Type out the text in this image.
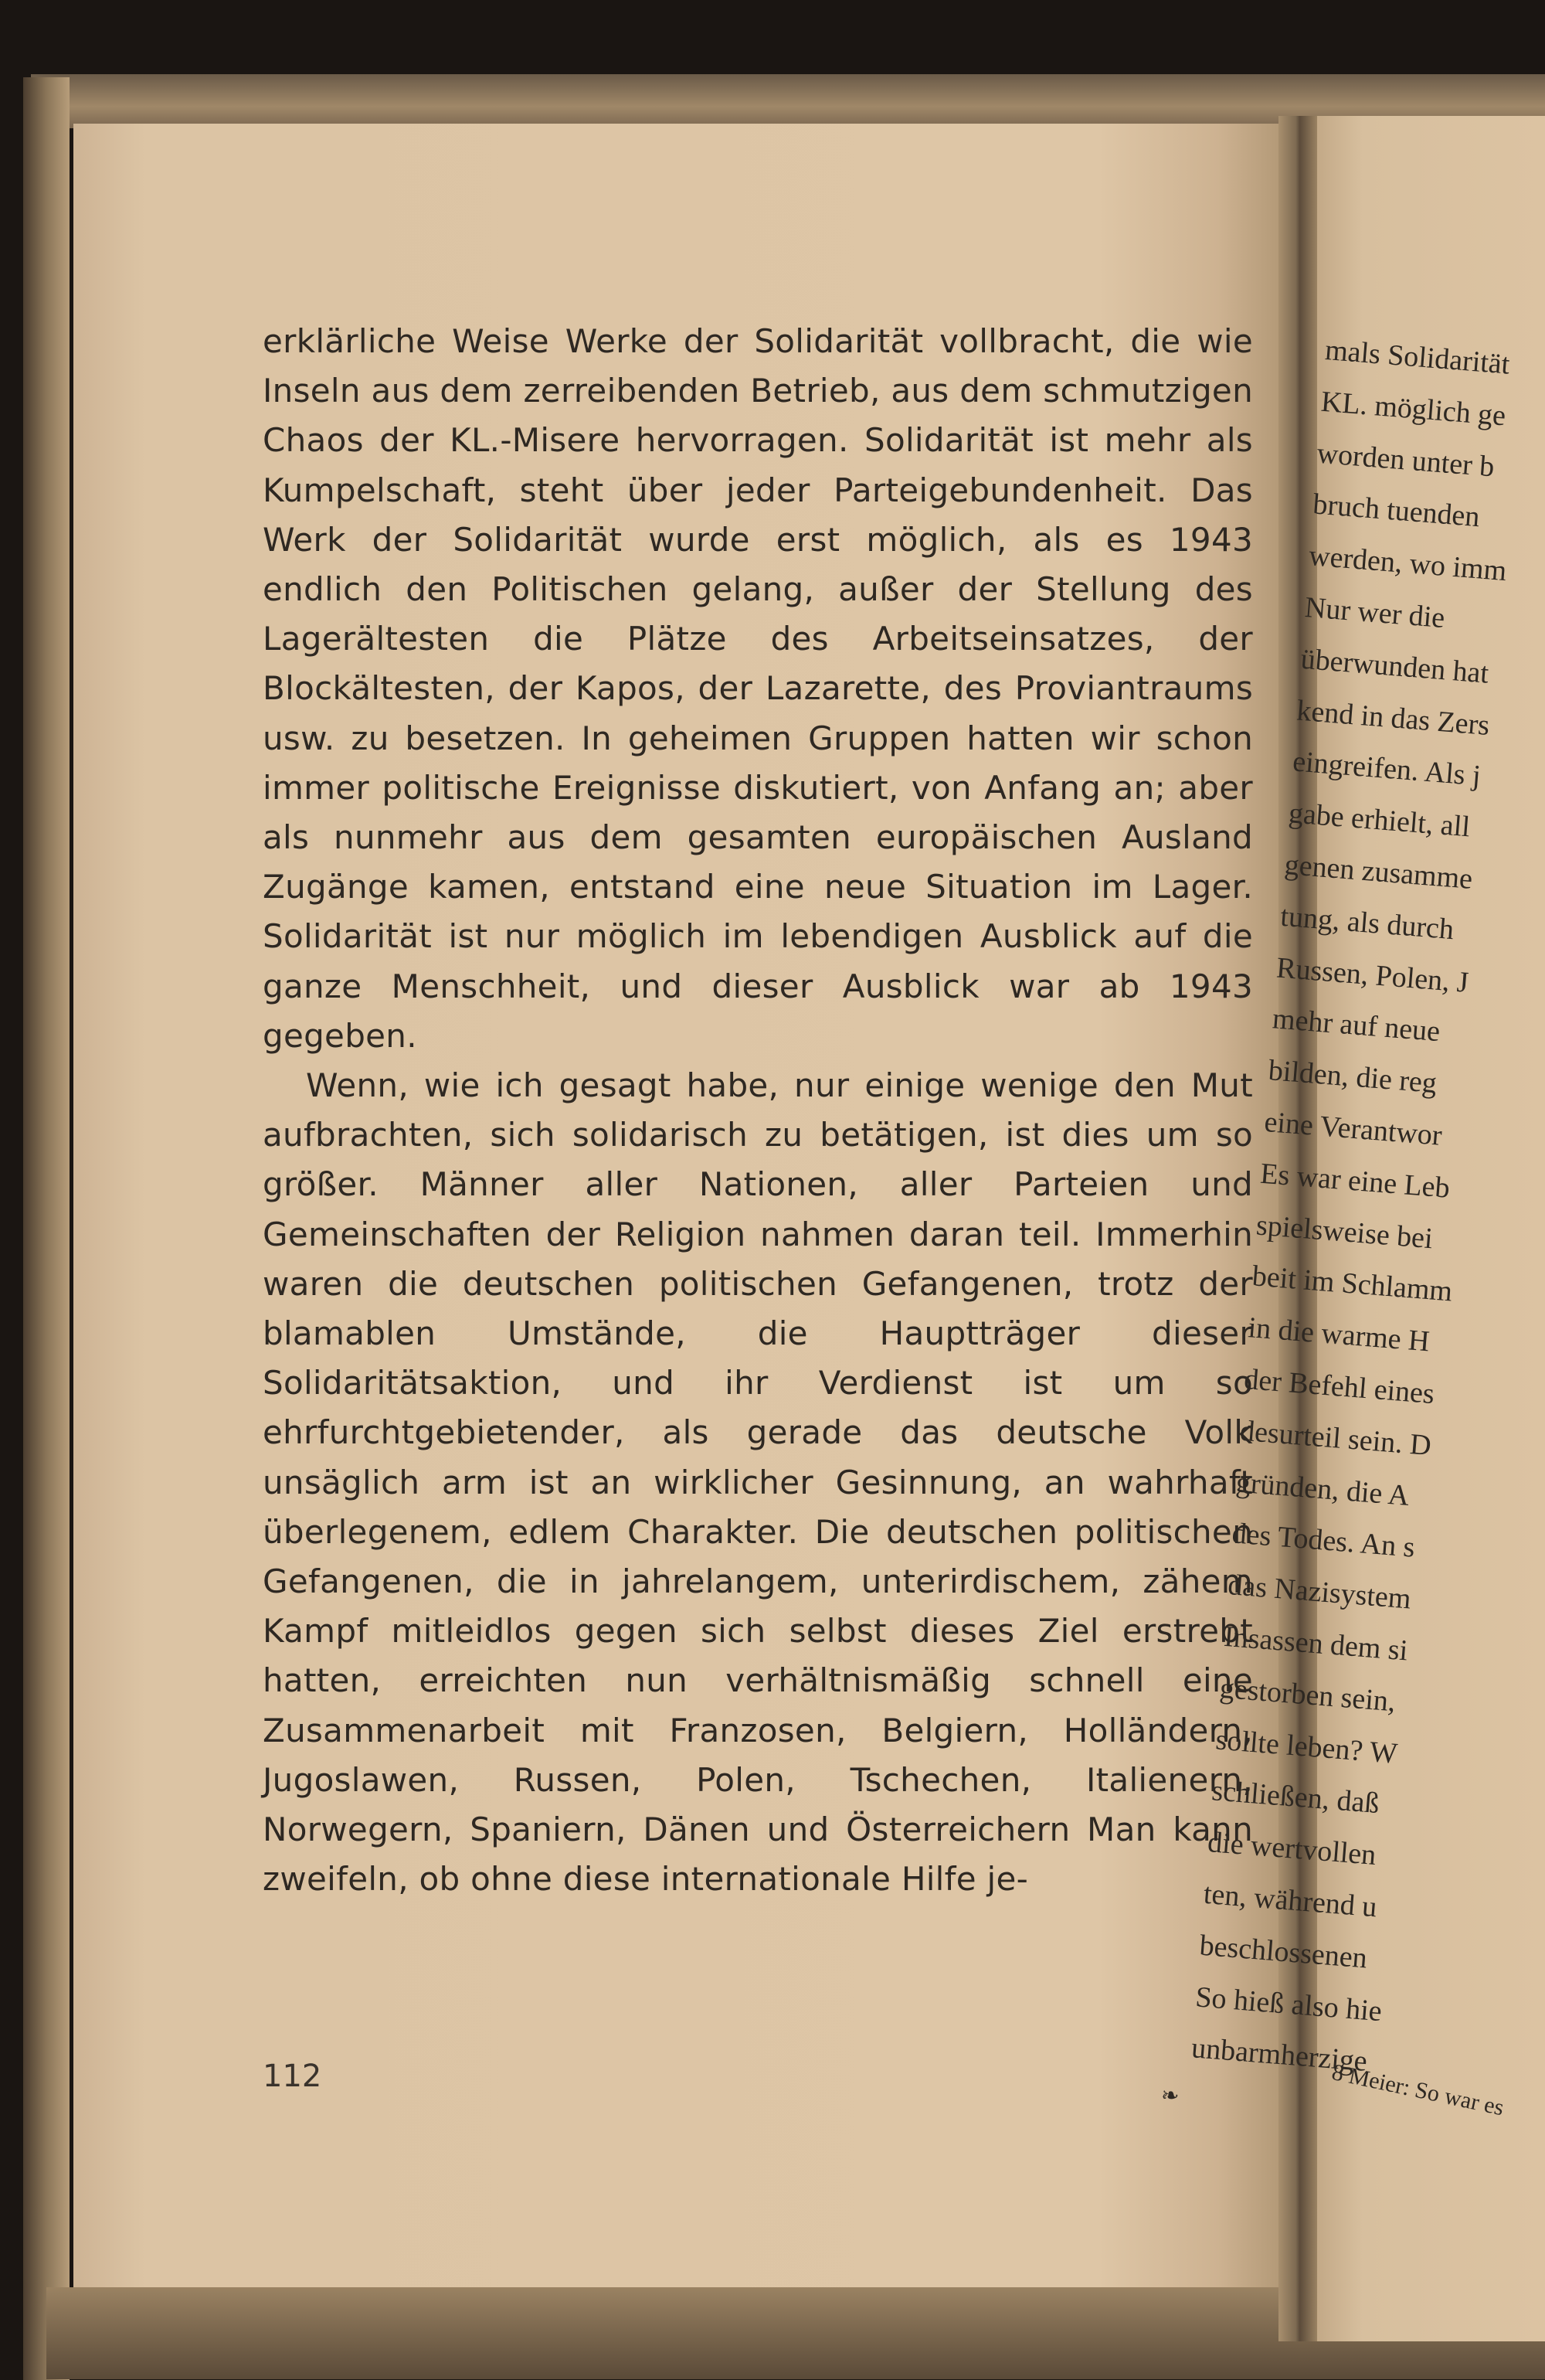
erklärliche Weise Werke der Solidarität vollbracht, die wie Inseln aus dem zerreibenden Betrieb, aus dem schmutzigen Chaos der KL.-Misere hervorragen. Solidarität ist mehr als Kumpelschaft, steht über jeder Parteigebundenheit. Das Werk der Solidarität wurde erst möglich, als es 1943 endlich den Politischen gelang, außer der Stellung des Lagerältesten die Plätze des Arbeitseinsatzes, der Blockältesten, der Kapos, der Lazarette, des Proviantraums usw. zu besetzen. In geheimen Gruppen hatten wir schon immer politische Ereignisse diskutiert, von Anfang an; aber als nunmehr aus dem gesamten europäischen Ausland Zugänge kamen, entstand eine neue Situation im Lager. Solidarität ist nur möglich im lebendigen Ausblick auf die ganze Menschheit, und dieser Ausblick war ab 1943 gegeben.

Wenn, wie ich gesagt habe, nur einige wenige den Mut aufbrachten, sich solidarisch zu betätigen, ist dies um so größer. Männer aller Nationen, aller Parteien und Gemeinschaften der Religion nahmen daran teil. Immerhin waren die deutschen politischen Gefangenen, trotz der blamablen Umstände, die Hauptträger dieser Solidaritätsaktion, und ihr Verdienst ist um so ehrfurchtgebietender, als gerade das deutsche Volk unsäglich arm ist an wirklicher Gesinnung, an wahrhaft überlegenem, edlem Charakter. Die deutschen politischen Gefangenen, die in jahrelangem, unterirdischem, zähem Kampf mitleidlos gegen sich selbst dieses Ziel erstrebt hatten, erreichten nun verhältnismäßig schnell eine Zusammenarbeit mit Franzosen, Belgiern, Holländern, Jugoslawen, Russen, Polen, Tschechen, Italienern, Norwegern, Spaniern, Dänen und Österreichern Man kann zweifeln, ob ohne diese internationale Hilfe je-

112
❧
mals Solidarität
KL. möglich ge
worden unter b
bruch tuenden
werden, wo imm
Nur wer die
überwunden hat
kend in das Zers
eingreifen. Als j
gabe erhielt, all
genen zusamme
tung, als durch
Russen, Polen, J
mehr auf neue
bilden, die reg
eine Verantwor
Es war eine Leb
spielsweise bei
beit im Schlamm
in die warme H
der Befehl eines
desurteil sein. D
gründen, die A
des Todes. An s
das Nazisystem
Insassen dem si
gestorben sein,
sollte leben? W
schließen, daß
die wertvollen
ten, während u
beschlossenen
So hieß also hie
unbarmherzige
8 Meier: So war es
